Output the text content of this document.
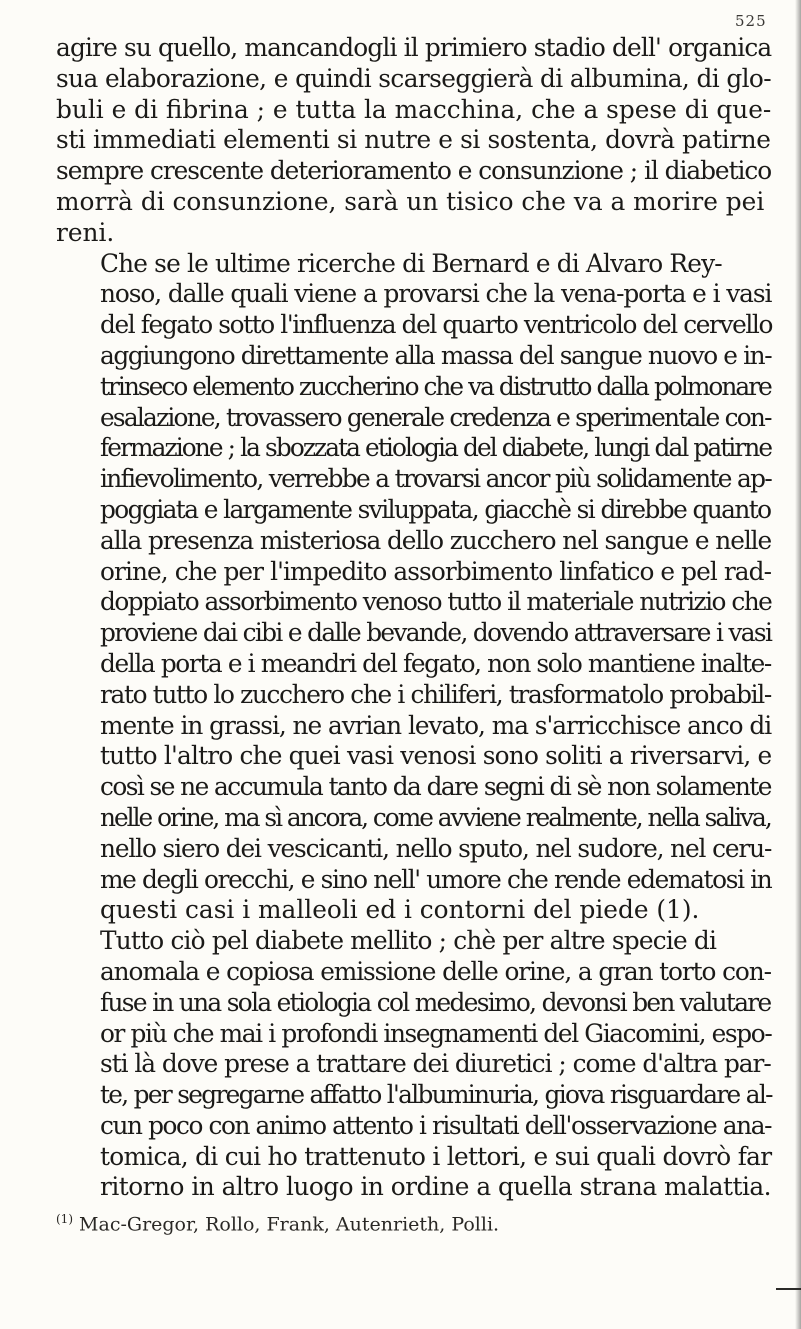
525

agire su quello, mancandogli il primiero stadio dell' organica
sua elaborazione, e quindi scarseggierà di albumina, di glo-
buli e di fibrina ; e tutta la macchina, che a spese di que-
sti immediati elementi si nutre e si sostenta, dovrà patirne
sempre crescente deterioramento e consunzione ; il diabetico
morrà di consunzione, sarà un tisico che va a morire pei
reni.

Che se le ultime ricerche di Bernard e di Alvaro Rey-
noso, dalle quali viene a provarsi che la vena-porta e i vasi
del fegato sotto l'influenza del quarto ventricolo del cervello
aggiungono direttamente alla massa del sangue nuovo e in-
trinseco elemento zuccherino che va distrutto dalla polmonare
esalazione, trovassero generale credenza e sperimentale con-
fermazione ; la sbozzata etiologia del diabete, lungi dal patirne
infievolimento, verrebbe a trovarsi ancor più solidamente ap-
poggiata e largamente sviluppata, giacchè si direbbe quanto
alla presenza misteriosa dello zucchero nel sangue e nelle
orine, che per l'impedito assorbimento linfatico e pel rad-
doppiato assorbimento venoso tutto il materiale nutrizio che
proviene dai cibi e dalle bevande, dovendo attraversare i vasi
della porta e i meandri del fegato, non solo mantiene inalte-
rato tutto lo zucchero che i chiliferi, trasformatolo probabil-
mente in grassi, ne avrian levato, ma s'arricchisce anco di
tutto l'altro che quei vasi venosi sono soliti a riversarvi, e
così se ne accumula tanto da dare segni di sè non solamente
nelle orine, ma sì ancora, come avviene realmente, nella saliva,
nello siero dei vescicanti, nello sputo, nel sudore, nel ceru-
me degli orecchi, e sino nell' umore che rende edematosi in
questi casi i malleoli ed i contorni del piede (1).

Tutto ciò pel diabete mellito ; chè per altre specie di
anomala e copiosa emissione delle orine, a gran torto con-
fuse in una sola etiologia col medesimo, devonsi ben valutare
or più che mai i profondi insegnamenti del Giacomini, espo-
sti là dove prese a trattare dei diuretici ; come d'altra par-
te, per segregarne affatto l'albuminuria, giova risguardare al-
cun poco con animo attento i risultati dell'osservazione ana-
tomica, di cui ho trattenuto i lettori, e sui quali dovrò far
ritorno in altro luogo in ordine a quella strana malattia.

$^{(1)}$ Mac-Gregor, Rollo, Frank, Autenrieth, Polli.
